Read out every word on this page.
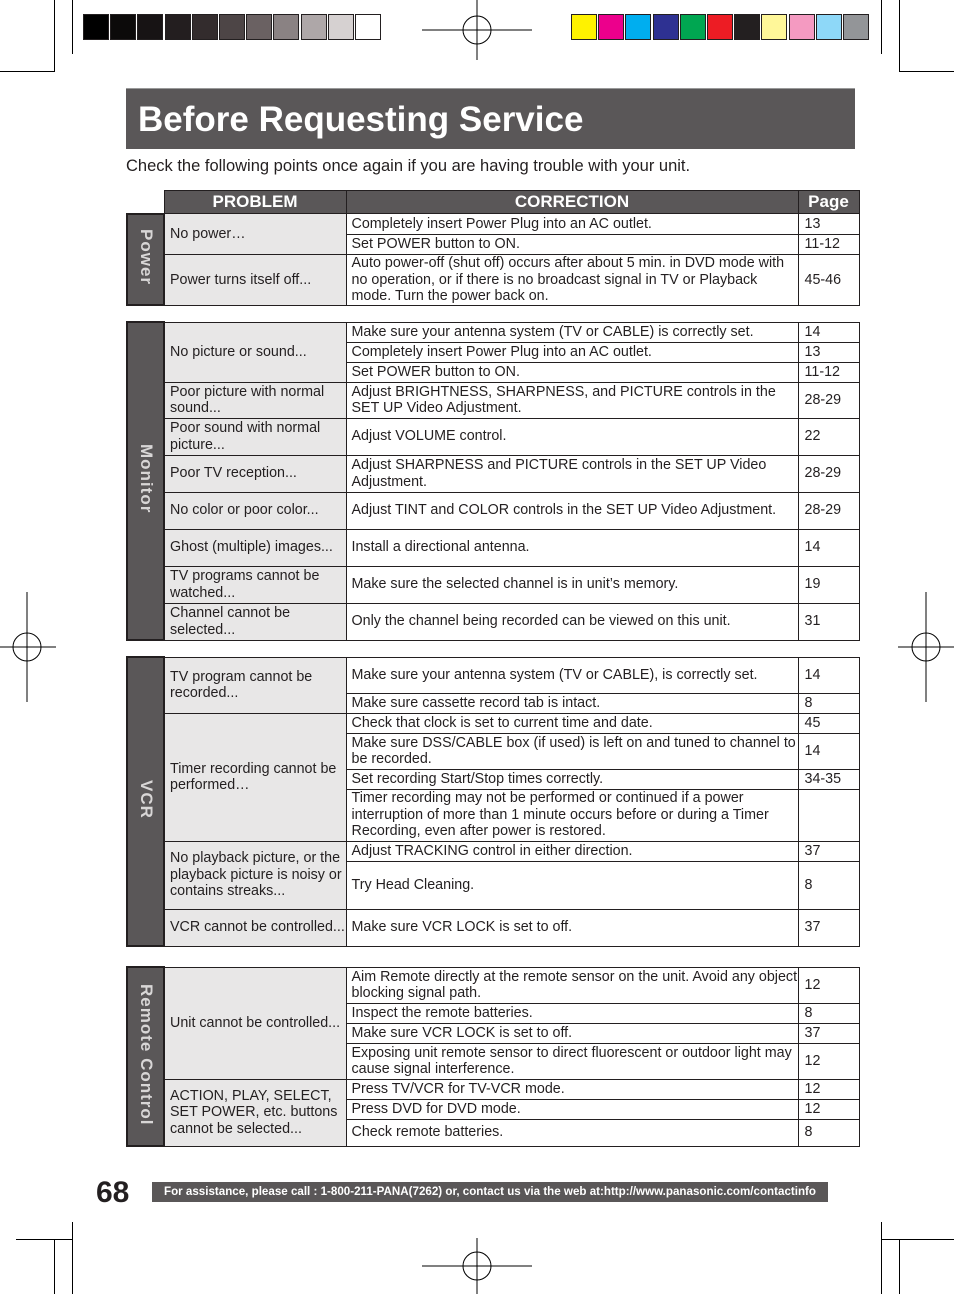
Before Requesting Service
Check the following points once again if you are having trouble with your unit.
	PROBLEM	CORRECTION	Page
Power	No power…	Completely insert Power Plug into an AC outlet.	13
		Set POWER button to ON.	11-12
	Power turns itself off...	Auto power-off (shut off) occurs after about 5 min. in DVD mode with no operation, or if there is no broadcast signal in TV or Playback mode. Turn the power back on.	45-46
Monitor	No picture or sound...	Make sure your antenna system (TV or CABLE) is correctly set.	14
		Completely insert Power Plug into an AC outlet.	13
		Set POWER button to ON.	11-12
	Poor picture with normal sound...	Adjust BRIGHTNESS, SHARPNESS, and PICTURE controls in the SET UP Video Adjustment.	28-29
	Poor sound with normal picture...	Adjust VOLUME control.	22
	Poor TV reception...	Adjust SHARPNESS and PICTURE controls in the SET UP Video Adjustment.	28-29
	No color or poor color...	Adjust TINT and COLOR controls in the SET UP Video Adjustment.	28-29
	Ghost (multiple) images...	Install a directional antenna.	14
	TV programs cannot be watched...	Make sure the selected channel is in unit’s memory.	19
	Channel cannot be selected...	Only the channel being recorded can be viewed on this unit.	31
VCR	TV program cannot be recorded...	Make sure your antenna system (TV or CABLE), is correctly set.	14
		Make sure cassette record tab is intact.	8
	Timer recording cannot be performed…	Check that clock is set to current time and date.	45
		Make sure DSS/CABLE box (if used) is left on and tuned to channel to be recorded.	14
		Set recording Start/Stop times correctly.	34-35
		Timer recording may not be performed or continued if a power interruption of more than 1 minute occurs before or during a Timer Recording, even after power is restored.	
	No playback picture, or the playback picture is noisy or contains streaks...	Adjust TRACKING control in either direction.	37
		Try Head Cleaning.	8
	VCR cannot be controlled...	Make sure VCR LOCK is set to off.	37
Remote Control	Unit cannot be controlled...	Aim Remote directly at the remote sensor on the unit. Avoid any object blocking signal path.	12
		Inspect the remote batteries.	8
		Make sure VCR LOCK is set to off.	37
		Exposing unit remote sensor to direct fluorescent or outdoor light may cause signal interference.	12
	ACTION, PLAY, SELECT, SET POWER, etc. buttons cannot be selected...	Press TV/VCR for TV-VCR mode.	12
		Press DVD for DVD mode.	12
		Check remote batteries.	8
68	For assistance, please call : 1-800-211-PANA(7262) or, contact us via the web at:http://www.panasonic.com/contactinfo
